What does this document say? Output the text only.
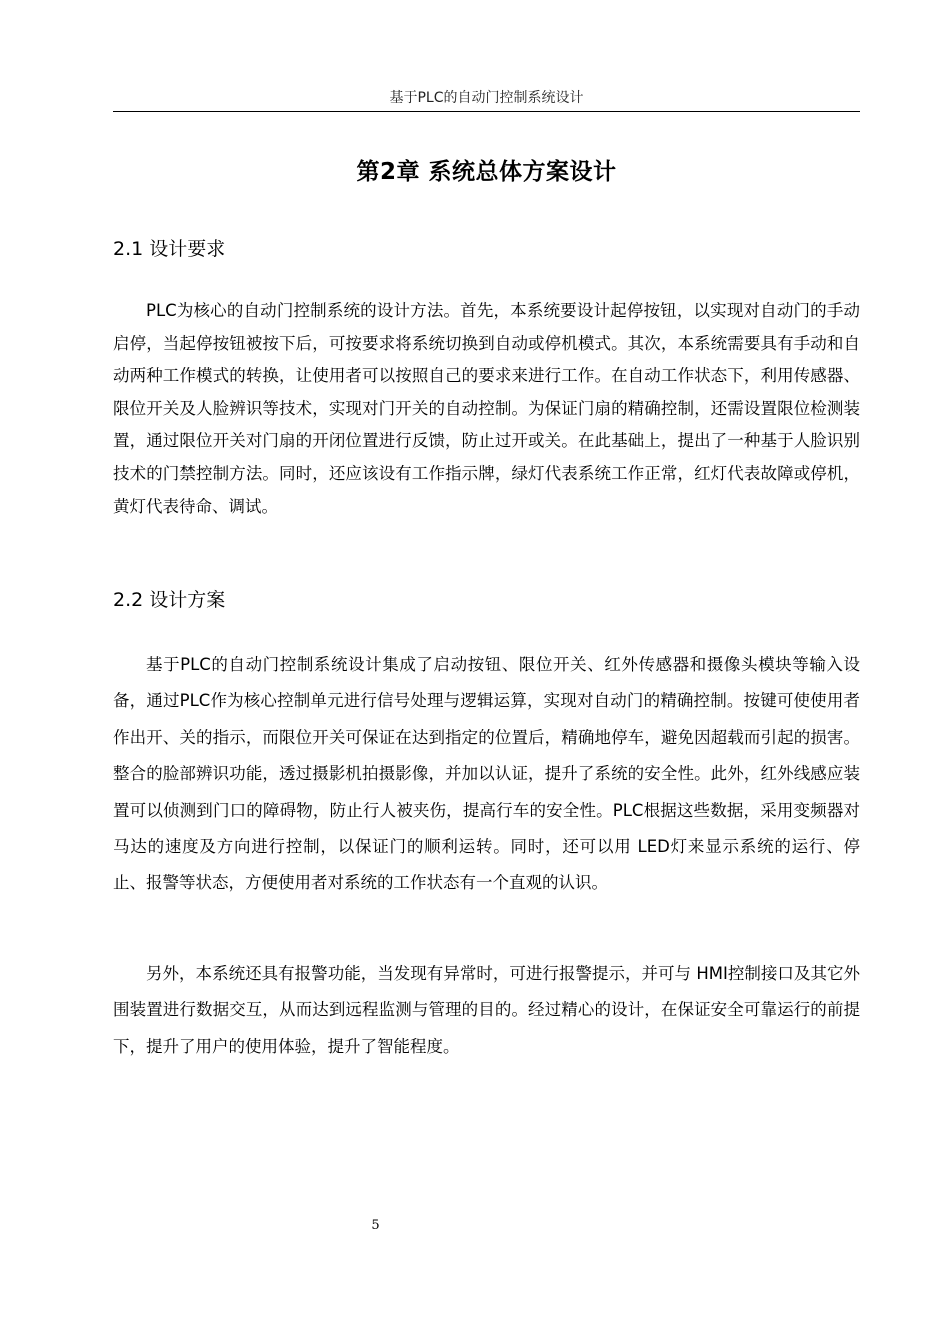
基于PLC的自动门控制系统设计
第2章 系统总体方案设计
2.1 设计要求

PLC为核心的自动门控制系统的设计方法。首先，本系统要设计起停按钮，以实现对自动门的手动启停，当起停按钮被按下后，可按要求将系统切换到自动或停机模式。其次，本系统需要具有手动和自动两种工作模式的转换，让使用者可以按照自己的要求来进行工作。在自动工作状态下，利用传感器、限位开关及人脸辨识等技术，实现对门开关的自动控制。为保证门扇的精确控制，还需设置限位检测装置，通过限位开关对门扇的开闭位置进行反馈，防止过开或关。在此基础上，提出了一种基于人脸识别技术的门禁控制方法。同时，还应该设有工作指示牌，绿灯代表系统工作正常，红灯代表故障或停机，黄灯代表待命、调试。

2.2 设计方案

基于PLC的自动门控制系统设计集成了启动按钮、限位开关、红外传感器和摄像头模块等输入设备，通过PLC作为核心控制单元进行信号处理与逻辑运算，实现对自动门的精确控制。按键可使使用者作出开、关的指示，而限位开关可保证在达到指定的位置后，精确地停车，避免因超载而引起的损害。整合的脸部辨识功能，透过摄影机拍摄影像，并加以认证，提升了系统的安全性。此外，红外线感应装置可以侦测到门口的障碍物，防止行人被夹伤，提高行车的安全性。PLC根据这些数据，采用变频器对马达的速度及方向进行控制，以保证门的顺利运转。同时，还可以用 LED灯来显示系统的运行、停止、报警等状态，方便使用者对系统的工作状态有一个直观的认识。

另外，本系统还具有报警功能，当发现有异常时，可进行报警提示，并可与 HMI控制接口及其它外围装置进行数据交互，从而达到远程监测与管理的目的。经过精心的设计，在保证安全可靠运行的前提下，提升了用户的使用体验，提升了智能程度。

5
